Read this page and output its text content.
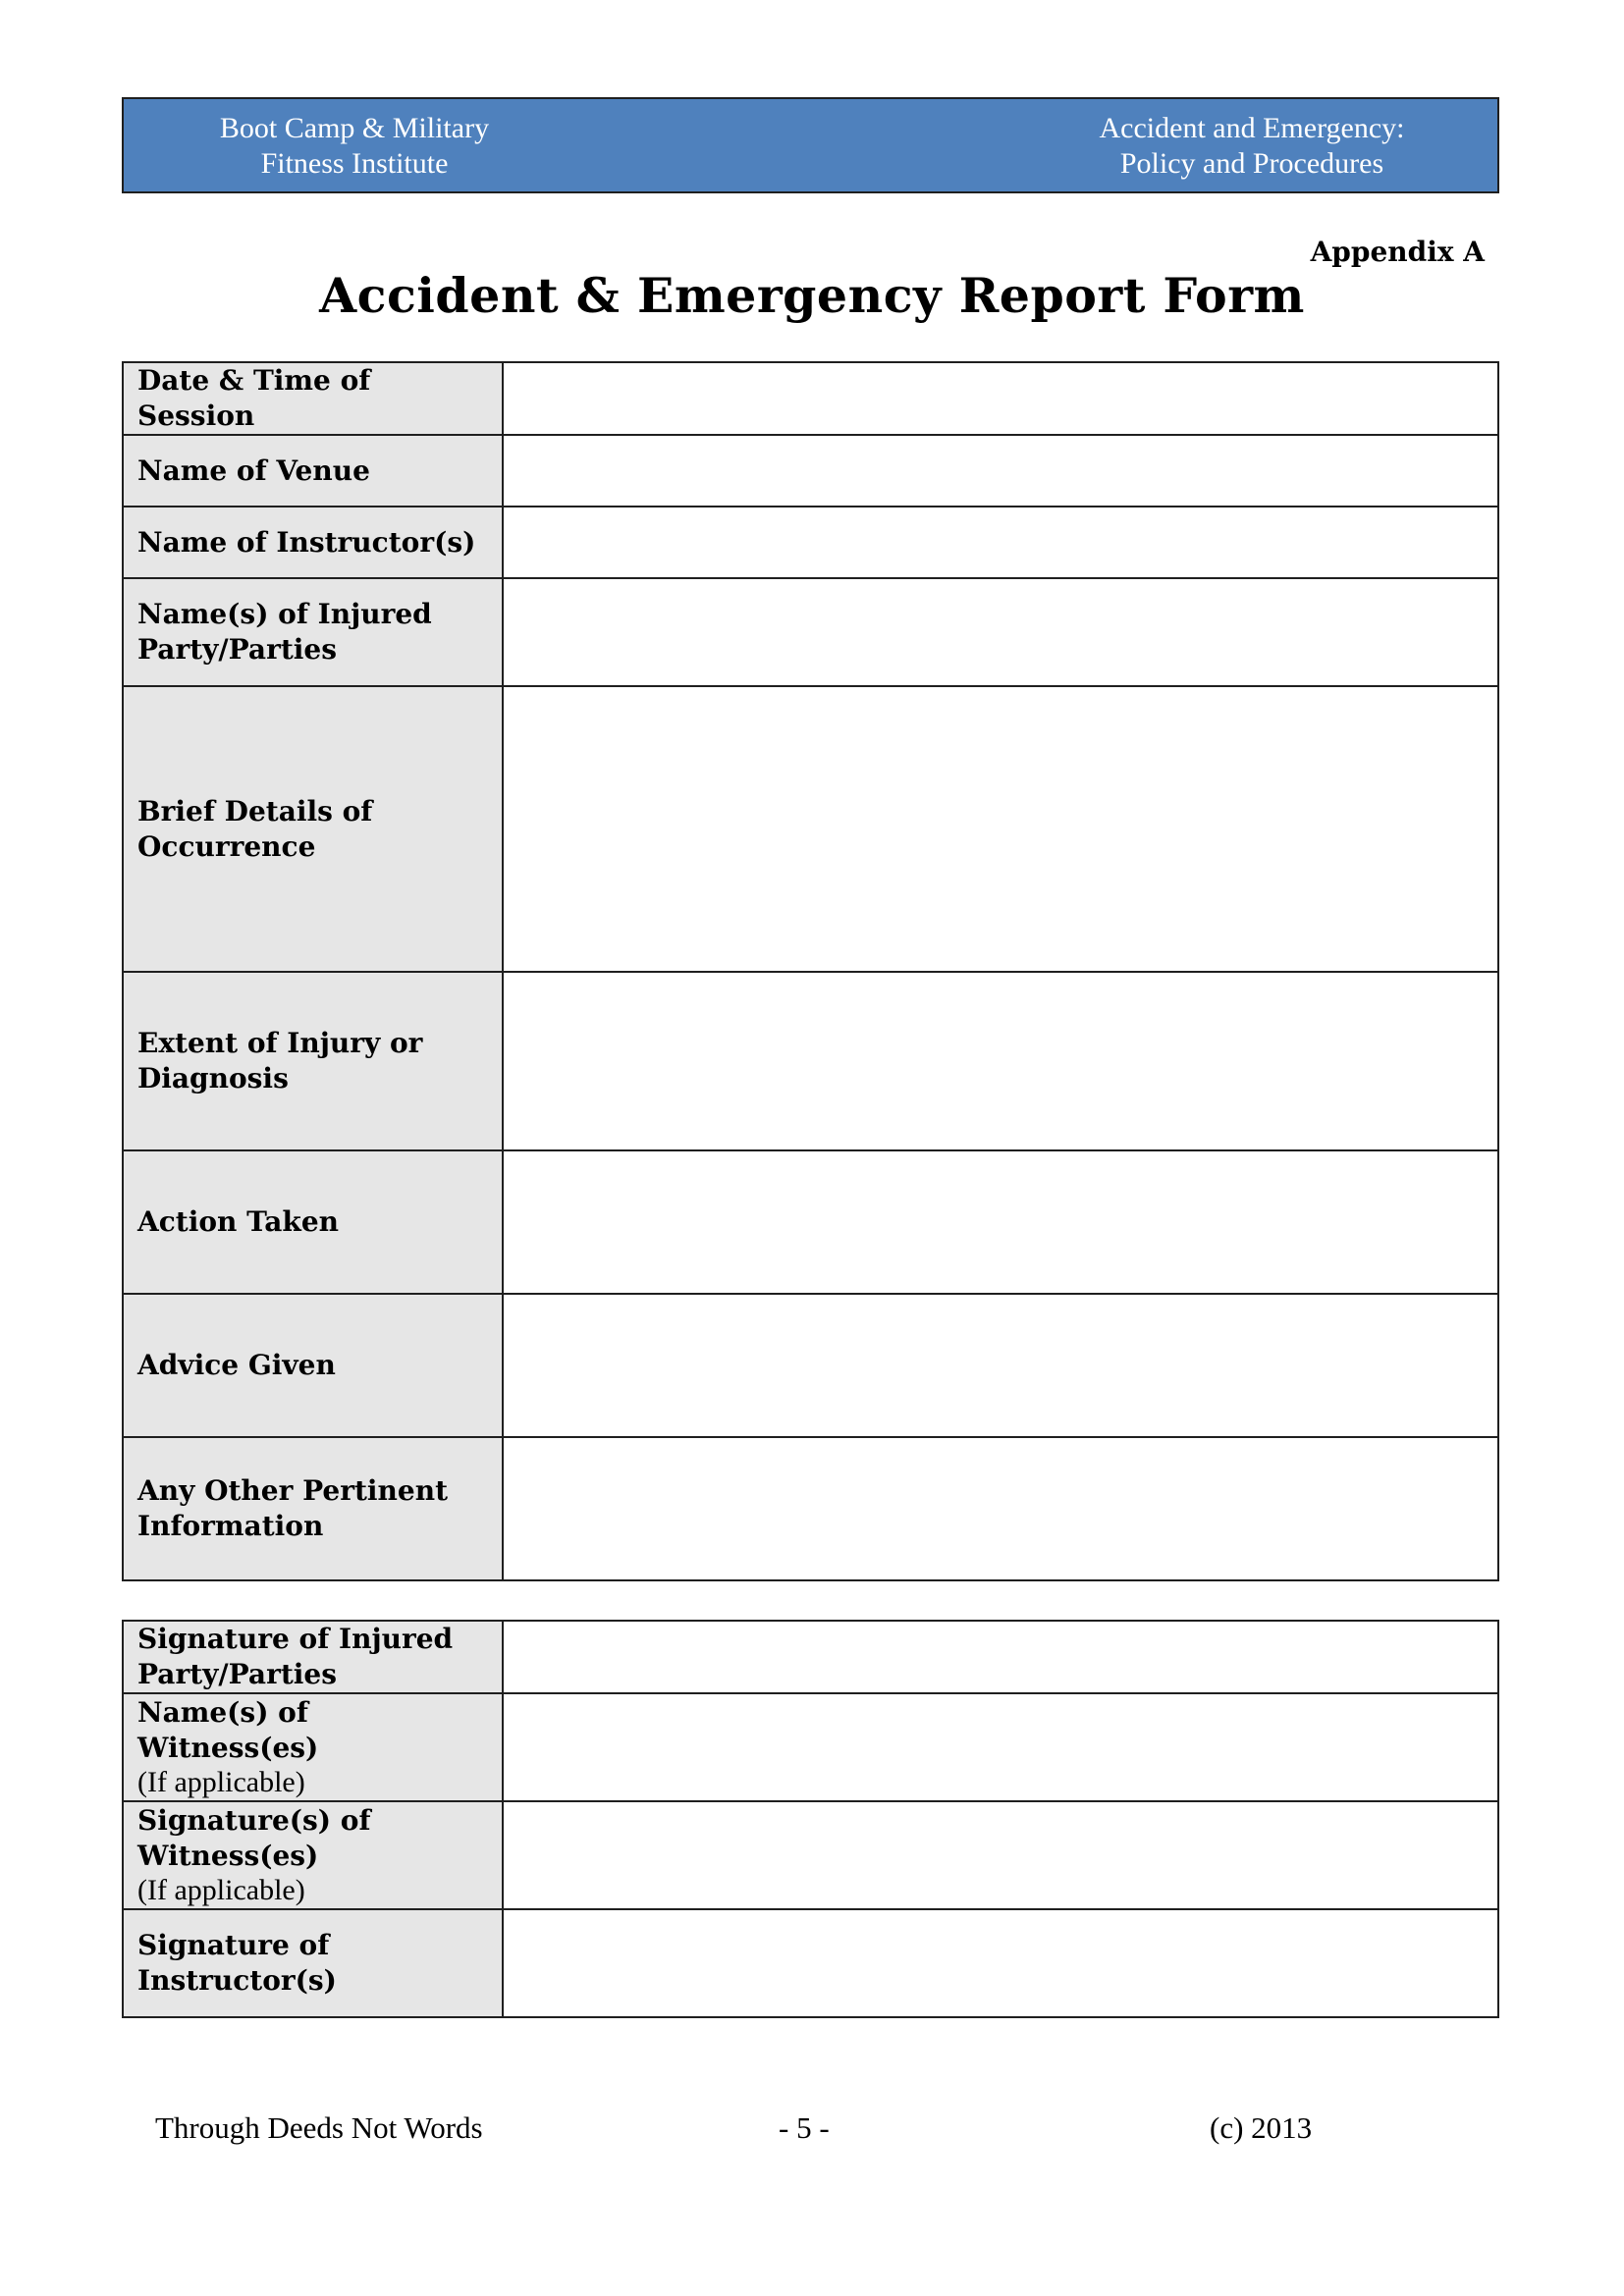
Boot Camp & Military
Fitness Institute
Accident and Emergency:
Policy and Procedures
Appendix A
Accident & Emergency Report Form
Date & Time of Session	
Name of Venue	
Name of Instructor(s)	
Name(s) of Injured Party/Parties	
Brief Details of Occurrence	
Extent of Injury or Diagnosis	
Action Taken	
Advice Given	
Any Other Pertinent Information	
Signature of Injured Party/Parties	

Name(s) of Witness(es)
(If applicable)	

Signature(s) of Witness(es)
(If applicable)	

Signature of Instructor(s)	

Through Deeds Not Words	- 5 -	(c) 2013
